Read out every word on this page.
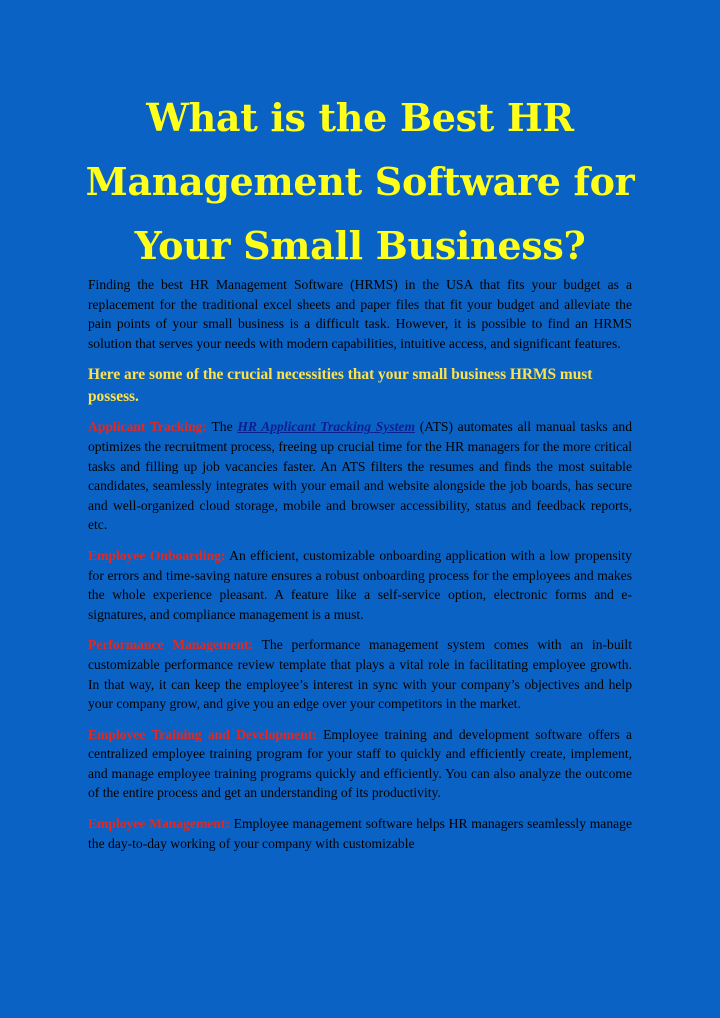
What is the Best HR Management Software for Your Small Business?

Finding the best HR Management Software (HRMS) in the USA that fits your budget as a replacement for the traditional excel sheets and paper files that fit your budget and alleviate the pain points of your small business is a difficult task. However, it is possible to find an HRMS solution that serves your needs with modern capabilities, intuitive access, and significant features.

Here are some of the crucial necessities that your small business HRMS must possess.

Applicant Tracking: The HR Applicant Tracking System (ATS) automates all manual tasks and optimizes the recruitment process, freeing up crucial time for the HR managers for the more critical tasks and filling up job vacancies faster. An ATS filters the resumes and finds the most suitable candidates, seamlessly integrates with your email and website alongside the job boards, has secure and well-organized cloud storage, mobile and browser accessibility, status and feedback reports, etc.

Employee Onboarding: An efficient, customizable onboarding application with a low propensity for errors and time-saving nature ensures a robust onboarding process for the employees and makes the whole experience pleasant. A feature like a self-service option, electronic forms and e-signatures, and compliance management is a must.

Performance Management: The performance management system comes with an in-built customizable performance review template that plays a vital role in facilitating employee growth. In that way, it can keep the employee’s interest in sync with your company’s objectives and help your company grow, and give you an edge over your competitors in the market.

Employee Training and Development: Employee training and development software offers a centralized employee training program for your staff to quickly and efficiently create, implement, and manage employee training programs quickly and efficiently. You can also analyze the outcome of the entire process and get an understanding of its productivity.

Employee Management: Employee management software helps HR managers seamlessly manage the day-to-day working of your company with customizable
